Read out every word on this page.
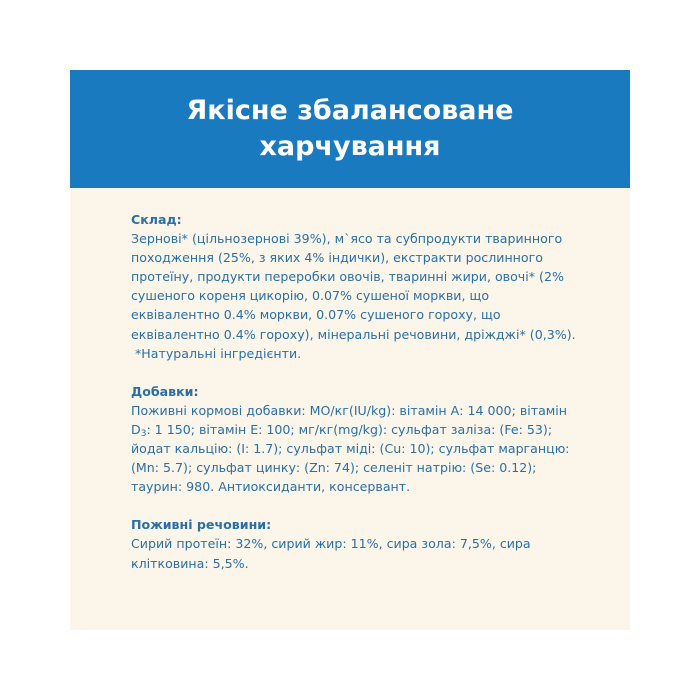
Якісне збалансоване
харчування
Склад:
Зернові* (цільнозернові 39%), м`ясо та субпродукти тваринного походження (25%, з яких 4% індички), екстракти рослинного протеїну, продукти переробки овочів, тваринні жири, овочі* (2% сушеного кореня цикорію, 0.07% сушеної моркви, що еквівалентно 0.4% моркви, 0.07% сушеного гороху, що еквівалентно 0.4% гороху), мінеральні речовини, дріжджі* (0,3%).
*Натуральні інгредієнти.
Добавки:
Поживні кормові добавки: МО/кг(IU/kg): вітамін А: 14 000; вітамін $D_3$: 1 150; вітамін Е: 100; мг/кг(mg/kg): сульфат заліза: (Fe: 53); йодат кальцію: (I: 1.7); сульфат міді: (Cu: 10); сульфат марганцю: (Mn: 5.7); сульфат цинку: (Zn: 74); селеніт натрію: (Se: 0.12); таурин: 980. Антиоксиданти, консервант.
Поживні речовини:
Сирий протеїн: 32%, сирий жир: 11%, сира зола: 7,5%, сира клітковина: 5,5%.
